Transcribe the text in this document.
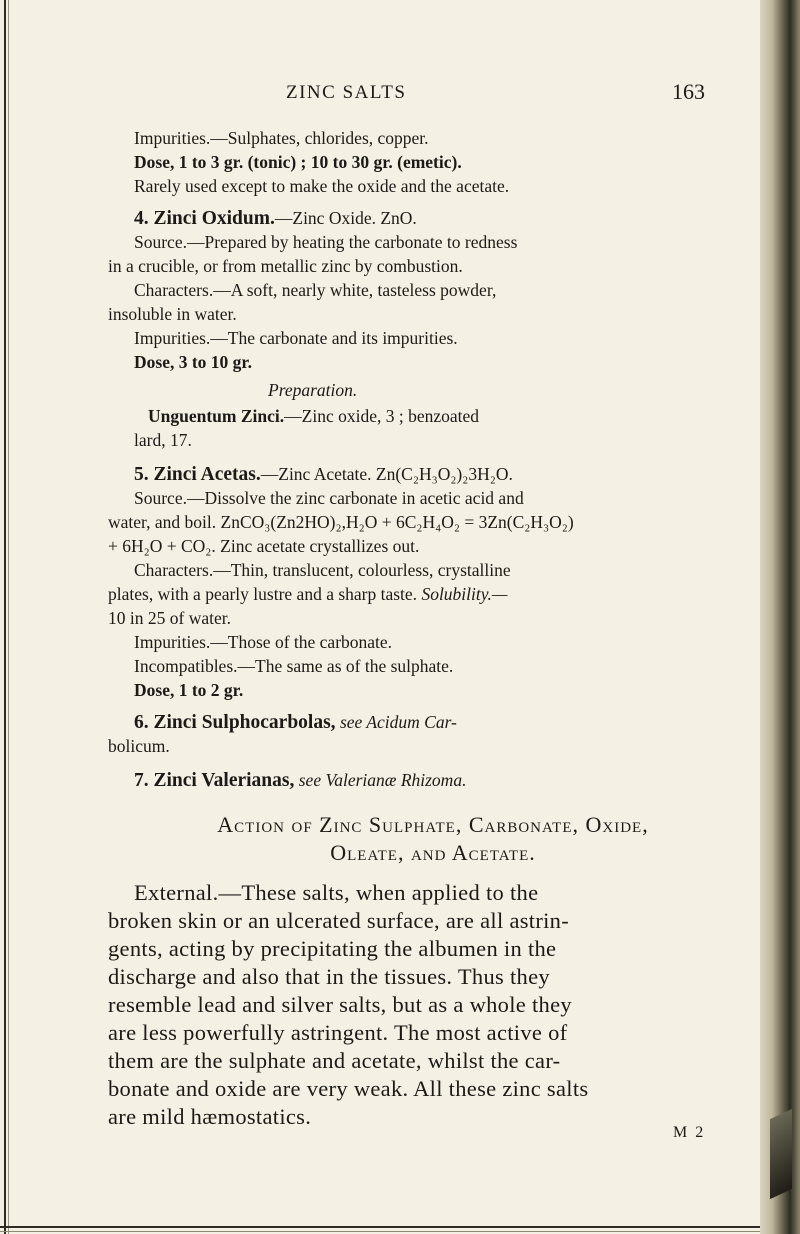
ZINC SALTS	163
Impurities.—Sulphates, chlorides, copper.
Dose, 1 to 3 gr. (tonic) ; 10 to 30 gr. (emetic).
Rarely used except to make the oxide and the acetate.
4. Zinci Oxidum.—Zinc Oxide. ZnO.
Source.—Prepared by heating the carbonate to redness
in a crucible, or from metallic zinc by combustion.
Characters.—A soft, nearly white, tasteless powder,
insoluble in water.
Impurities.—The carbonate and its impurities.
Dose, 3 to 10 gr.
Preparation.
Unguentum Zinci.—Zinc oxide, 3 ; benzoated
lard, 17.
5. Zinci Acetas.—Zinc Acetate. Zn(C₂H₃O₂)₂3H₂O.
Source.—Dissolve the zinc carbonate in acetic acid and
water, and boil. ZnCO₃(Zn2HO)₂,H₂O + 6C₂H₄O₂ = 3Zn(C₂H₃O₂)
+ 6H₂O + CO₂. Zinc acetate crystallizes out.
Characters.—Thin, translucent, colourless, crystalline
plates, with a pearly lustre and a sharp taste. Solubility.—
10 in 25 of water.
Impurities.—Those of the carbonate.
Incompatibles.—The same as of the sulphate.
Dose, 1 to 2 gr.
6. Zinci Sulphocarbolas, see Acidum Car-
bolicum.
7. Zinci Valerianas, see Valerianæ Rhizoma.
Action of Zinc Sulphate, Carbonate, Oxide,
Oleate, and Acetate.
External.—These salts, when applied to the
broken skin or an ulcerated surface, are all astrin-
gents, acting by precipitating the albumen in the
discharge and also that in the tissues. Thus they
resemble lead and silver salts, but as a whole they
are less powerfully astringent. The most active of
them are the sulphate and acetate, whilst the car-
bonate and oxide are very weak. All these zinc salts
are mild hæmostatics.
M 2
